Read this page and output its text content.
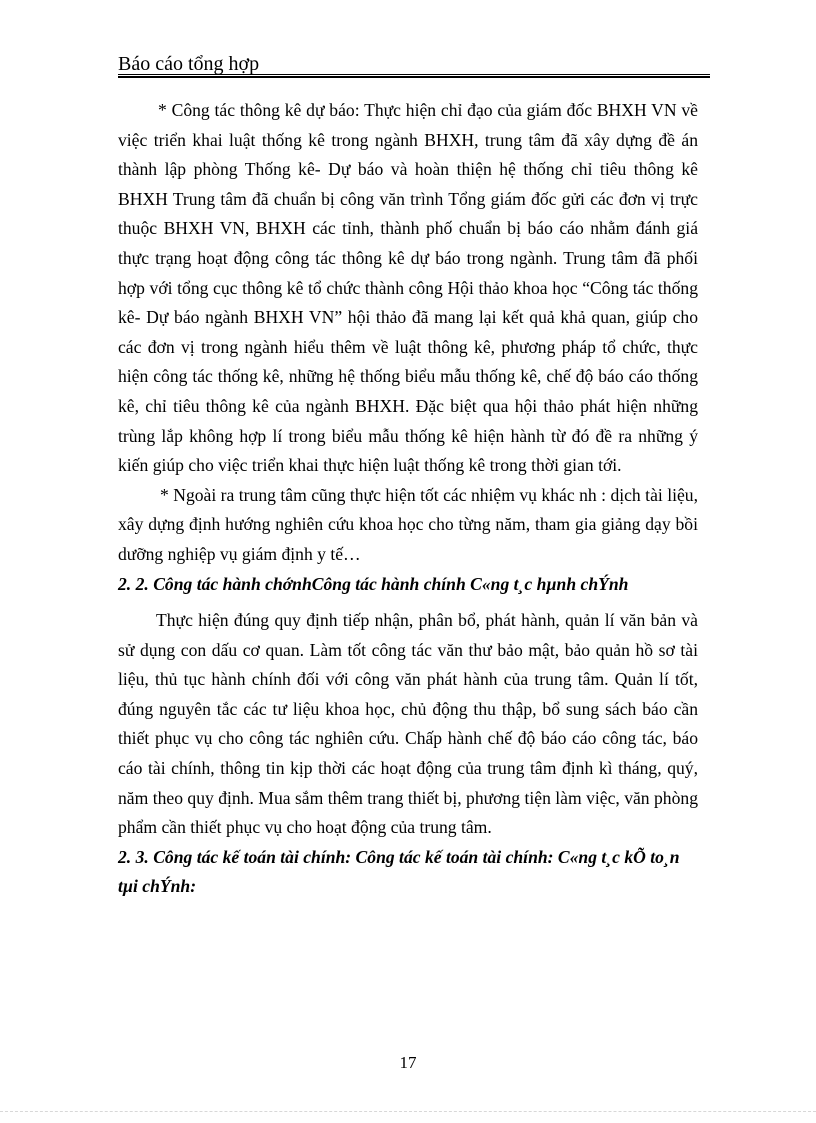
Báo cáo tổng hợp

* Công tác thông kê dự báo: Thực hiện chỉ đạo của giám đốc BHXH VN về việc triển khai luật thống kê trong ngành BHXH, trung tâm đã xây dựng đề án thành lập phòng Thống kê- Dự báo và hoàn thiện hệ thống chỉ tiêu thông kê BHXH Trung tâm đã chuẩn bị công văn trình Tổng giám đốc gửi các đơn vị trực thuộc BHXH VN, BHXH các tỉnh, thành phố chuẩn bị báo cáo nhằm đánh giá thực trạng hoạt động công tác thông kê dự báo trong ngành. Trung tâm đã phối hợp với tổng cục thông kê tổ chức thành công Hội thảo khoa học “Công tác thống kê- Dự báo ngành BHXH VN” hội thảo đã mang lại kết quả khả quan, giúp cho các đơn vị trong ngành hiểu thêm về luật thông kê, phương pháp tổ chức, thực hiện công tác thống kê, những hệ thống biểu mẫu thống kê, chế độ báo cáo thống kê, chỉ tiêu thông kê của ngành BHXH. Đặc biệt qua hội thảo phát hiện những trùng lắp không hợp lí trong biểu mẫu thống kê hiện hành từ đó đề ra những ý kiến giúp cho việc triển khai thực hiện luật thống kê trong thời gian tới.

* Ngoài ra trung tâm cũng thực hiện tốt các nhiệm vụ khác nh : dịch tài liệu, xây dựng định hướng nghiên cứu khoa học cho từng năm, tham gia giảng dạy bồi dưỡng nghiệp vụ giám định y tế…

2. 2. Công tác hành chớnhCông tác hành chính C«ng t¸c hµnh chÝnh

Thực hiện đúng quy định tiếp nhận, phân bổ, phát hành, quản lí văn bản và sử dụng con dấu cơ quan. Làm tốt công tác văn thư bảo mật, bảo quản hồ sơ tài liệu, thủ tục hành chính đối với công văn phát hành của trung tâm. Quản lí tốt, đúng nguyên tắc các tư liệu khoa học, chủ động thu thập, bổ sung sách báo cần thiết phục vụ cho công tác nghiên cứu. Chấp hành chế độ báo cáo công tác, báo cáo tài chính, thông tin kịp thời các hoạt động của trung tâm định kì tháng, quý, năm theo quy định. Mua sắm thêm trang thiết bị, phương tiện làm việc, văn phòng phẩm cần thiết phục vụ cho hoạt động của trung tâm.

2. 3. Công tác kế toán tài chính: Công tác kế toán tài chính: C«ng t¸c kÕ to¸n tµi chÝnh:

17
